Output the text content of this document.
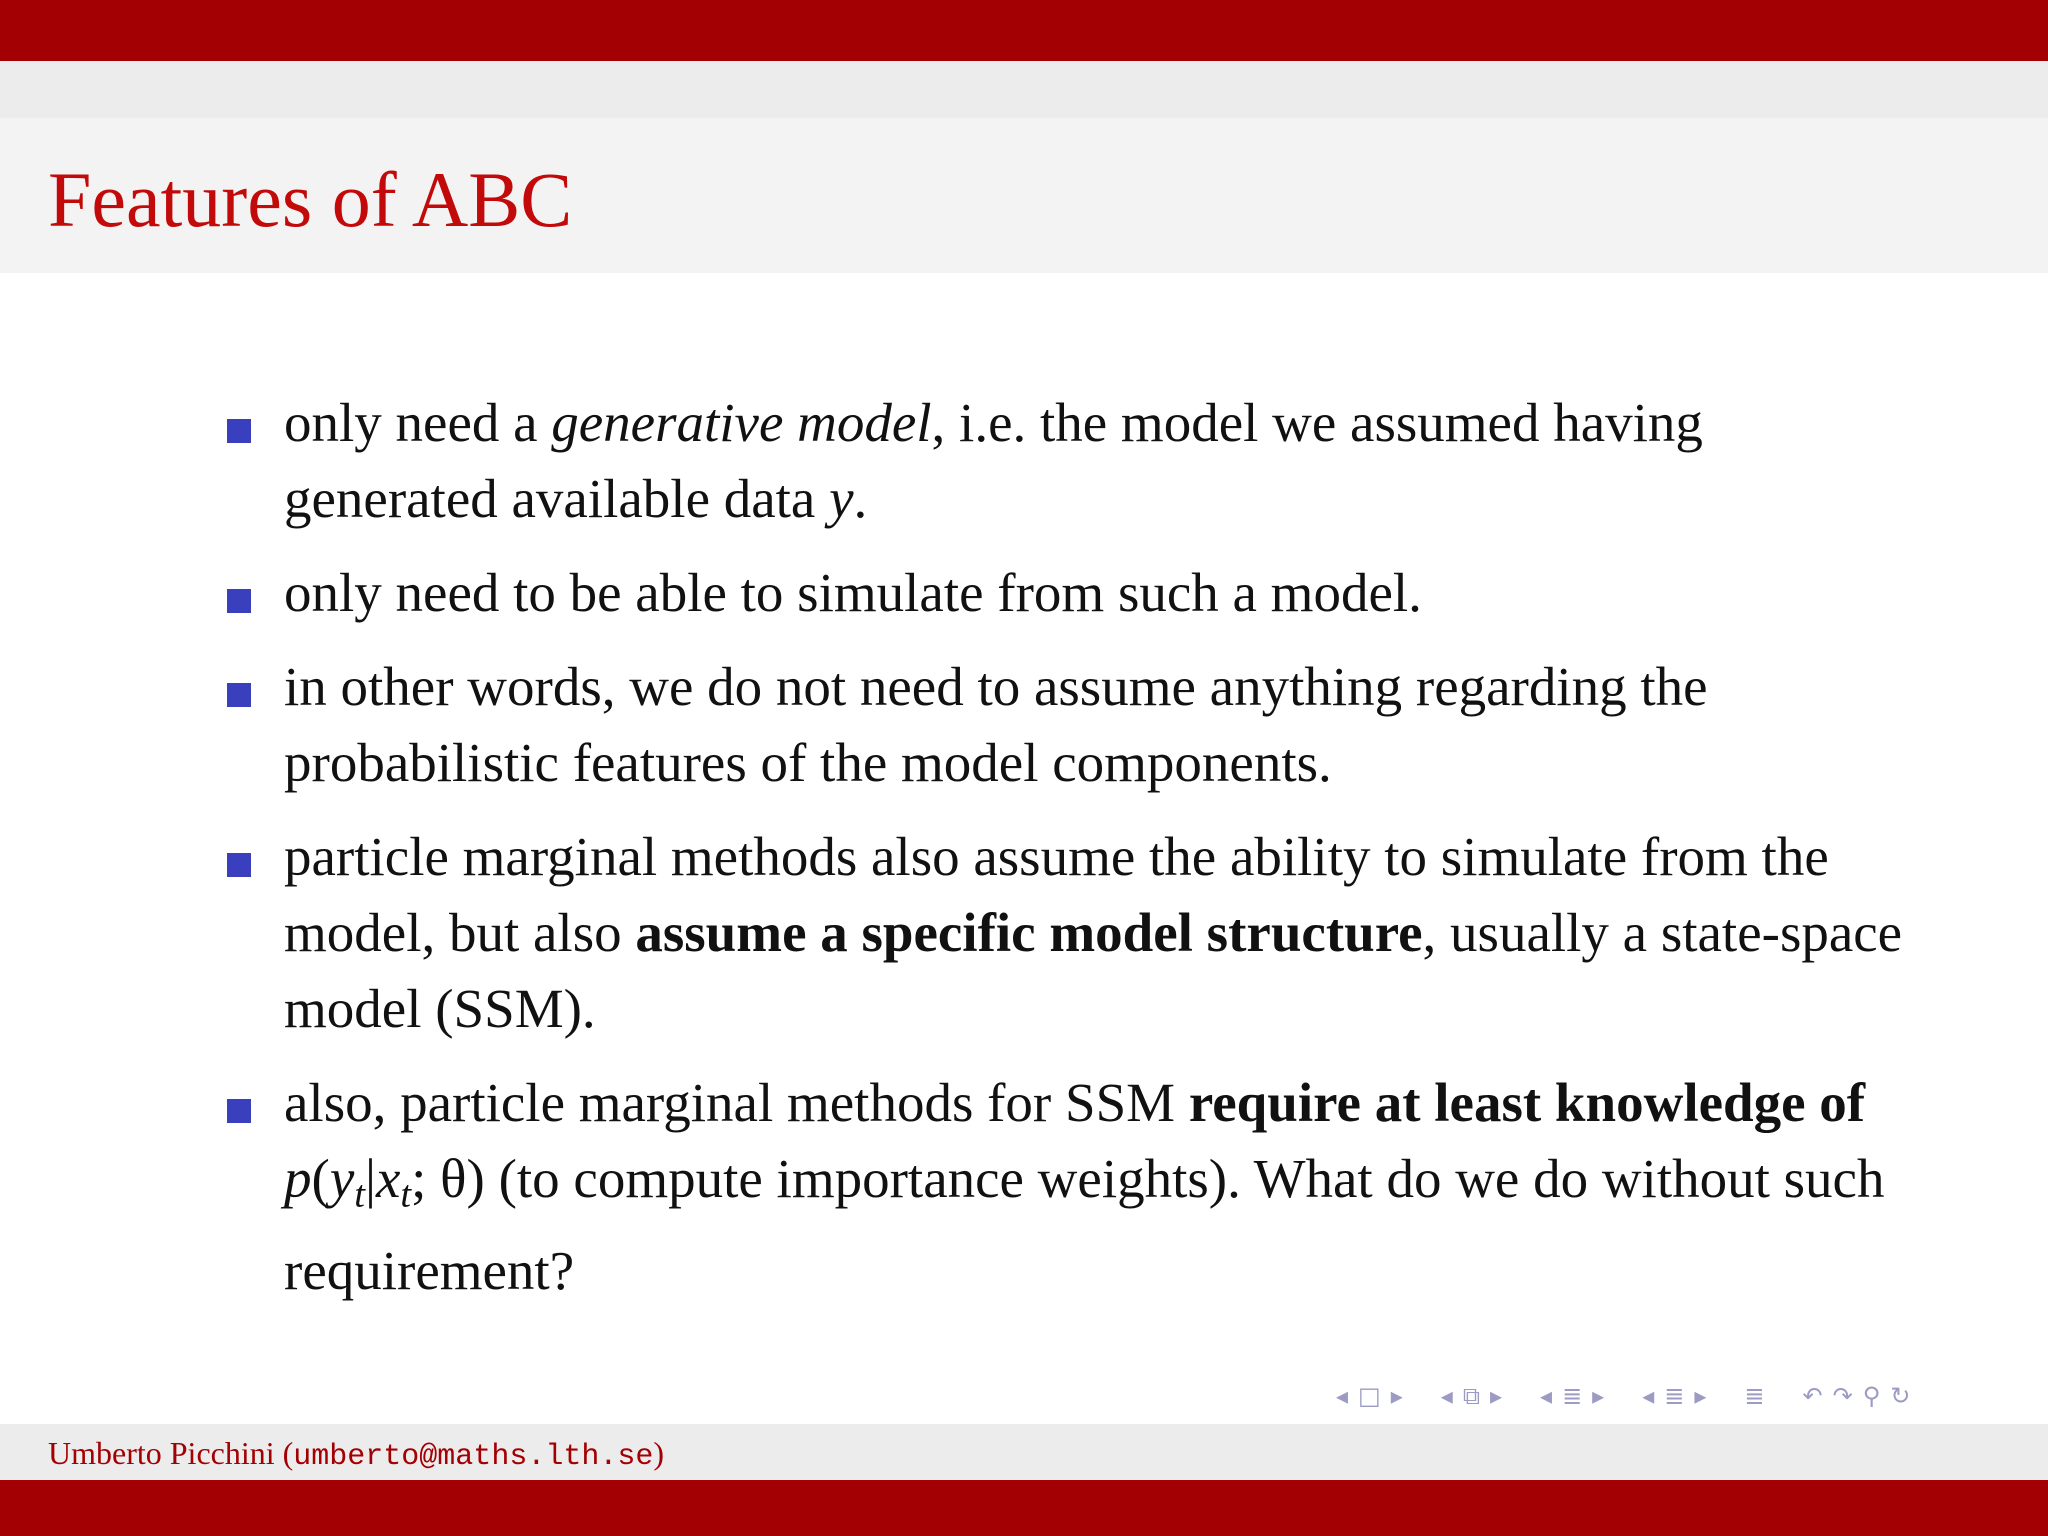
Features of ABC
only need a generative model, i.e. the model we assumed having generated available data y.
only need to be able to simulate from such a model.
in other words, we do not need to assume anything regarding the probabilistic features of the model components.
particle marginal methods also assume the ability to simulate from the model, but also assume a specific model structure, usually a state-space model (SSM).
also, particle marginal methods for SSM require at least knowledge of $p(y_t|x_t$; θ) (to compute importance weights). What do we do without such requirement?
◂ □ ▸ ◂ ⧉ ▸ ◂ ≣ ▸ ◂ ≣ ▸ ≣ ↶ ↷ ⚲ ↻
Umberto Picchini (umberto@maths.lth.se)
